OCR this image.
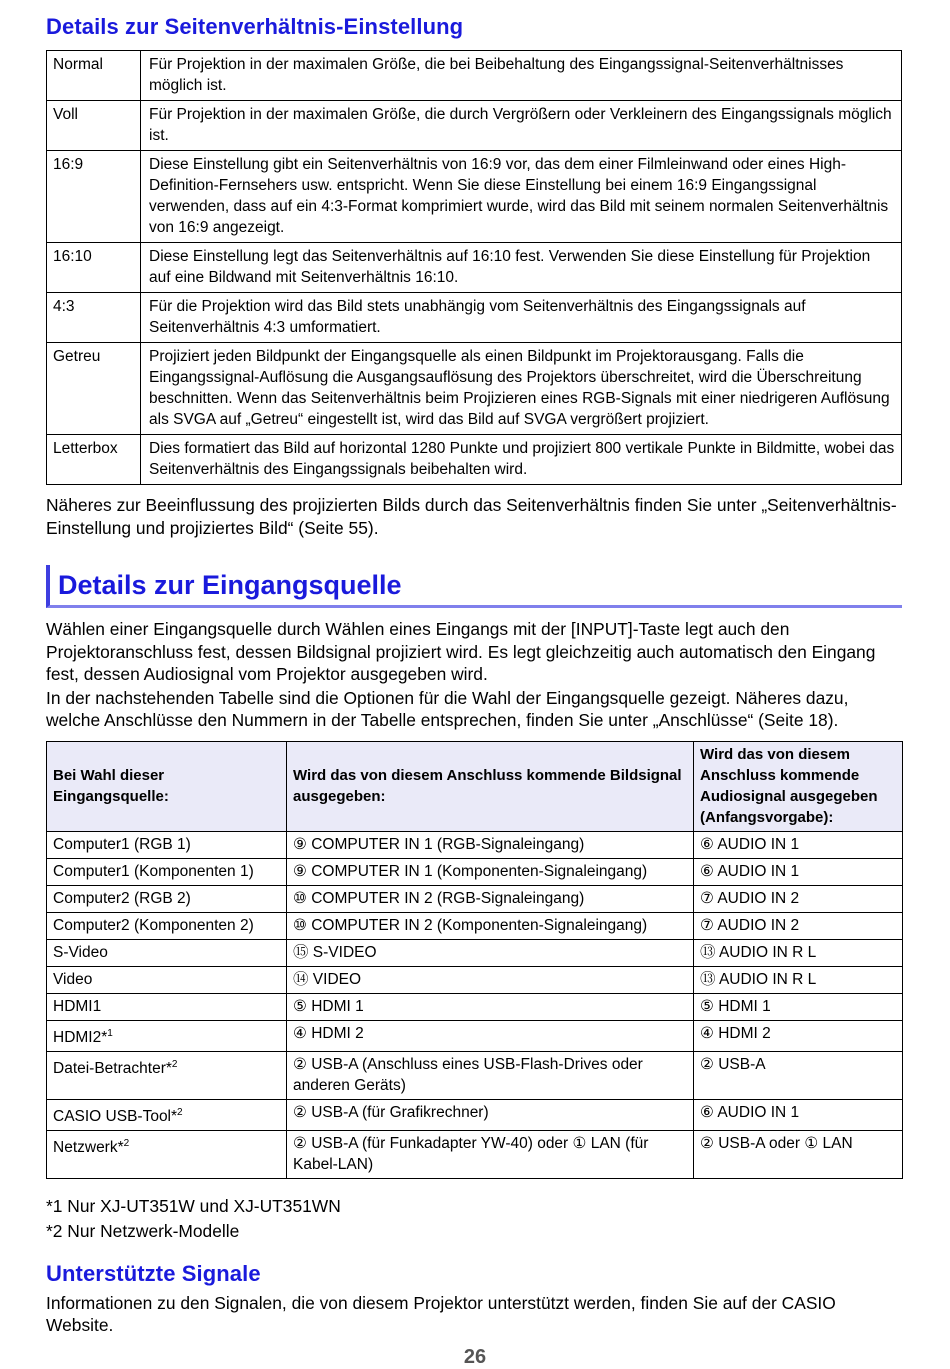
Details zur Seitenverhältnis-Einstellung
Normal	Für Projektion in der maximalen Größe, die bei Beibehaltung des Eingangssignal-Seitenverhältnisses möglich ist.
Voll	Für Projektion in der maximalen Größe, die durch Vergrößern oder Verkleinern des Eingangssignals möglich ist.
16:9	Diese Einstellung gibt ein Seitenverhältnis von 16:9 vor, das dem einer Filmleinwand oder eines High-Definition-Fernsehers usw. entspricht. Wenn Sie diese Einstellung bei einem 16:9 Eingangssignal verwenden, dass auf ein 4:3-Format komprimiert wurde, wird das Bild mit seinem normalen Seitenverhältnis von 16:9 angezeigt.
16:10	Diese Einstellung legt das Seitenverhältnis auf 16:10 fest. Verwenden Sie diese Einstellung für Projektion auf eine Bildwand mit Seitenverhältnis 16:10.
4:3	Für die Projektion wird das Bild stets unabhängig vom Seitenverhältnis des Eingangssignals auf Seitenverhältnis 4:3 umformatiert.
Getreu	Projiziert jeden Bildpunkt der Eingangsquelle als einen Bildpunkt im Projektorausgang. Falls die Eingangssignal-Auflösung die Ausgangsauflösung des Projektors überschreitet, wird die Überschreitung beschnitten. Wenn das Seitenverhältnis beim Projizieren eines RGB-Signals mit einer niedrigeren Auflösung als SVGA auf „Getreu“ eingestellt ist, wird das Bild auf SVGA vergrößert projiziert.
Letterbox	Dies formatiert das Bild auf horizontal 1280 Punkte und projiziert 800 vertikale Punkte in Bildmitte, wobei das Seitenverhältnis des Eingangssignals beibehalten wird.

Näheres zur Beeinflussung des projizierten Bilds durch das Seitenverhältnis finden Sie unter „Seitenverhältnis-Einstellung und projiziertes Bild“ (Seite 55).

Details zur Eingangsquelle

Wählen einer Eingangsquelle durch Wählen eines Eingangs mit der [INPUT]-Taste legt auch den Projektoranschluss fest, dessen Bildsignal projiziert wird. Es legt gleichzeitig auch automatisch den Eingang fest, dessen Audiosignal vom Projektor ausgegeben wird.

In der nachstehenden Tabelle sind die Optionen für die Wahl der Eingangsquelle gezeigt. Näheres dazu, welche Anschlüsse den Nummern in der Tabelle entsprechen, finden Sie unter „Anschlüsse“ (Seite 18).

Bei Wahl dieser Eingangsquelle:	Wird das von diesem Anschluss kommende Bildsignal ausgegeben:	Wird das von diesem Anschluss kommende Audiosignal ausgegeben (Anfangsvorgabe):
Computer1 (RGB 1)	⑨ COMPUTER IN 1 (RGB-Signaleingang)	⑥ AUDIO IN 1
Computer1 (Komponenten 1)	⑨ COMPUTER IN 1 (Komponenten-Signaleingang)	⑥ AUDIO IN 1
Computer2 (RGB 2)	⑩ COMPUTER IN 2 (RGB-Signaleingang)	⑦ AUDIO IN 2
Computer2 (Komponenten 2)	⑩ COMPUTER IN 2 (Komponenten-Signaleingang)	⑦ AUDIO IN 2
S-Video	⑮ S-VIDEO	⑬ AUDIO IN R L
Video	⑭ VIDEO	⑬ AUDIO IN R L
HDMI1	⑤ HDMI 1	⑤ HDMI 1
HDMI2*$^1$	④ HDMI 2	④ HDMI 2
Datei-Betrachter*$^2$	② USB-A (Anschluss eines USB-Flash-Drives oder anderen Geräts)	② USB-A
CASIO USB-Tool*$^2$	② USB-A (für Grafikrechner)	⑥ AUDIO IN 1
Netzwerk*$^2$	② USB-A (für Funkadapter YW-40) oder ① LAN (für Kabel-LAN)	② USB-A oder ① LAN

*1 Nur XJ-UT351W und XJ-UT351WN

*2 Nur Netzwerk-Modelle

Unterstützte Signale

Informationen zu den Signalen, die von diesem Projektor unterstützt werden, finden Sie auf der CASIO Website.

26
